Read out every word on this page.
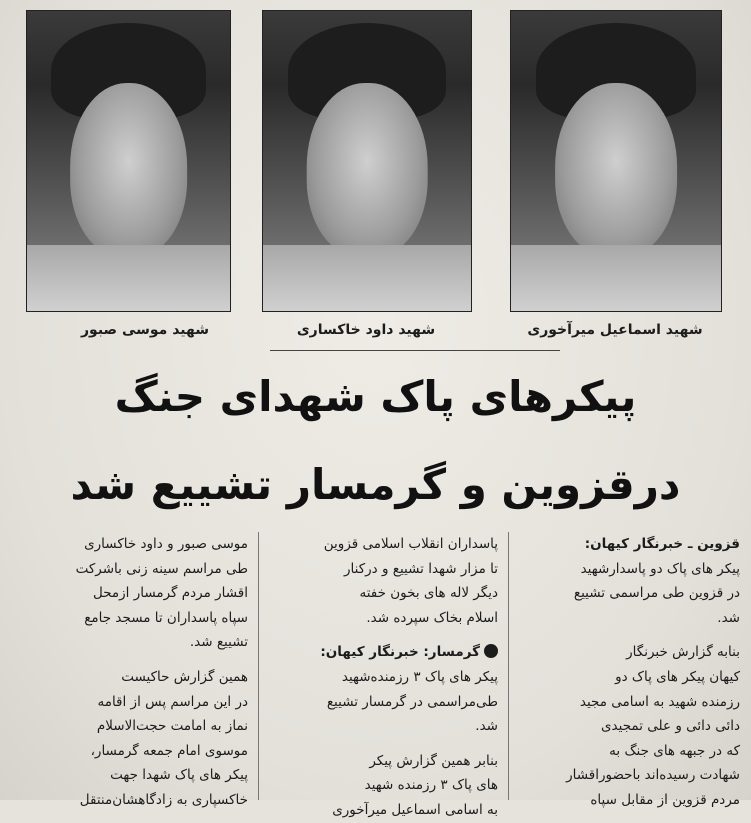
شهید موسی صبور	شهید داود خاکساری	شهید اسماعیل میرآخوری
پیکرهای پاک شهدای جنگ
درقزوین و گرمسار تشییع شد

قزوین ـ خبرنگار کیهان:
پیکر های پاک دو پاسدارشهید
در قزوین طی مراسمی تشییع
شد.

بنابه گزارش خبرنگار
کیهان پیکر های پاک دو
رزمنده شهید به اسامی مجید
دائی دائی و علی تمجیدی
که در جبهه های جنگ به
شهادت رسیده‌اند باحضوراقشار
مردم قزوین از مقابل سپاه

پاسداران انقلاب اسلامی قزوین
تا مزار شهدا تشییع و درکنار
دیگر لاله های بخون خفته
اسلام بخاک سپرده شد.

گرمسار: خبرنگار کیهان:
پیکر های پاک ۳ رزمنده‌شهید
طی‌مراسمی در گرمسار تشییع
شد.

بنابر همین گزارش پیکر
های پاک ۳ رزمنده شهید
به اسامی اسماعیل میرآخوری

موسی صبور و داود خاکساری
طی مراسم سینه زنی باشرکت
اقشار مردم گرمسار ازمحل
سپاه پاسداران تا مسجد جامع
تشییع شد.

همین گزارش حاکیست
در این مراسم پس از اقامه
نماز به امامت حجت‌الاسلام
موسوی امام جمعه گرمسار،
پیکر های پاک شهدا جهت
خاکسپاری به زادگاهشان‌منتقل
